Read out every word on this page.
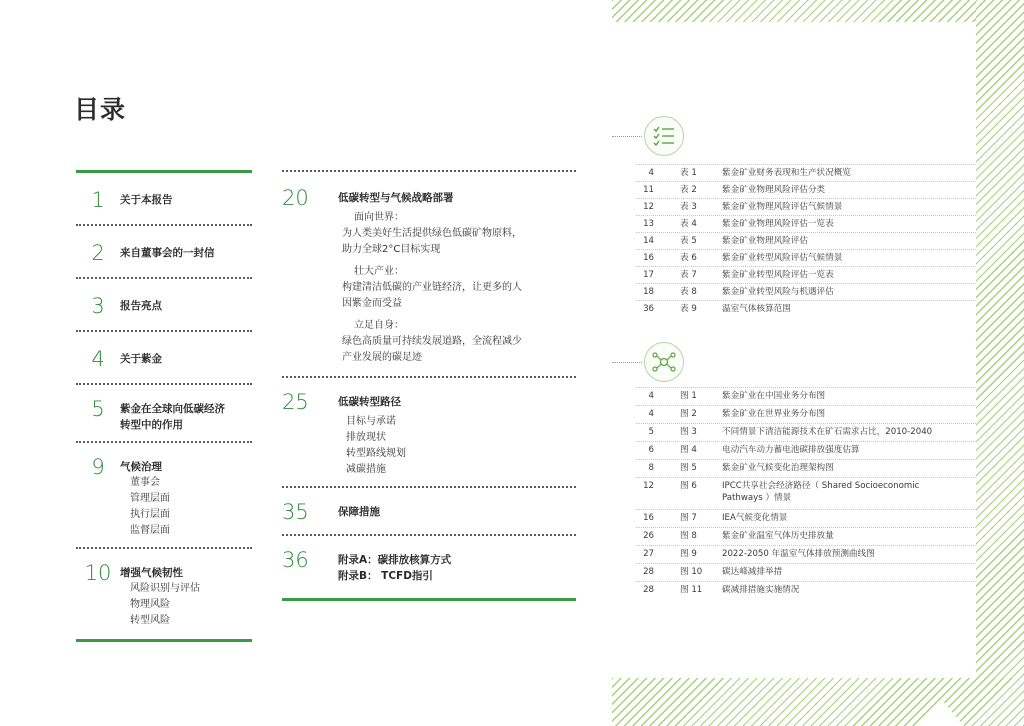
目录
1	关于本报告
2	来自董事会的一封信
3	报告亮点
4	关于紫金
5	紫金在全球向低碳经济
转型中的作用
9	气候治理
董事会
管理层面
执行层面
监督层面
10 增强气候韧性
风险识别与评估
物理风险
转型风险
20	低碳转型与气候战略部署
面向世界：
为人类美好生活提供绿色低碳矿物原料，
助力全球2°C目标实现
壮大产业：
构建清洁低碳的产业链经济，让更多的人
因紫金而受益
立足自身：
绿色高质量可持续发展道路，全流程减少
产业发展的碳足迹
25	低碳转型路径
目标与承诺
排放现状
转型路线规划
减碳措施
35	保障措施
36	附录A：碳排放核算方式
附录B： TCFD指引
4	表 1	紫金矿业财务表现和生产状况概览
11	表 2	紫金矿业物理风险评估分类
12	表 3	紫金矿业物理风险评估气候情景
13	表 4	紫金矿业物理风险评估一览表
14	表 5	紫金矿业物理风险评估
16	表 6	紫金矿业转型风险评估气候情景
17	表 7	紫金矿业转型风险评估一览表
18	表 8	紫金矿业转型风险与机遇评估
36	表 9	温室气体核算范围
4	图 1	紫金矿业在中国业务分布图
4	图 2	紫金矿业在世界业务分布图
5	图 3	不同情景下清洁能源技术在矿石需求占比，2010-2040
6	图 4	电动汽车动力蓄电池碳排放强度估算
8	图 5	紫金矿业气候变化治理架构图
12	图 6	IPCC共享社会经济路径（ Shared Socioeconomic
Pathways ）情景
16	图 7	IEA气候变化情景
26	图 8	紫金矿业温室气体历史排放量
27	图 9	2022-2050 年温室气体排放预测曲线图
28	图 10	碳达峰减排举措
28	图 11	碳减排措施实施情况
